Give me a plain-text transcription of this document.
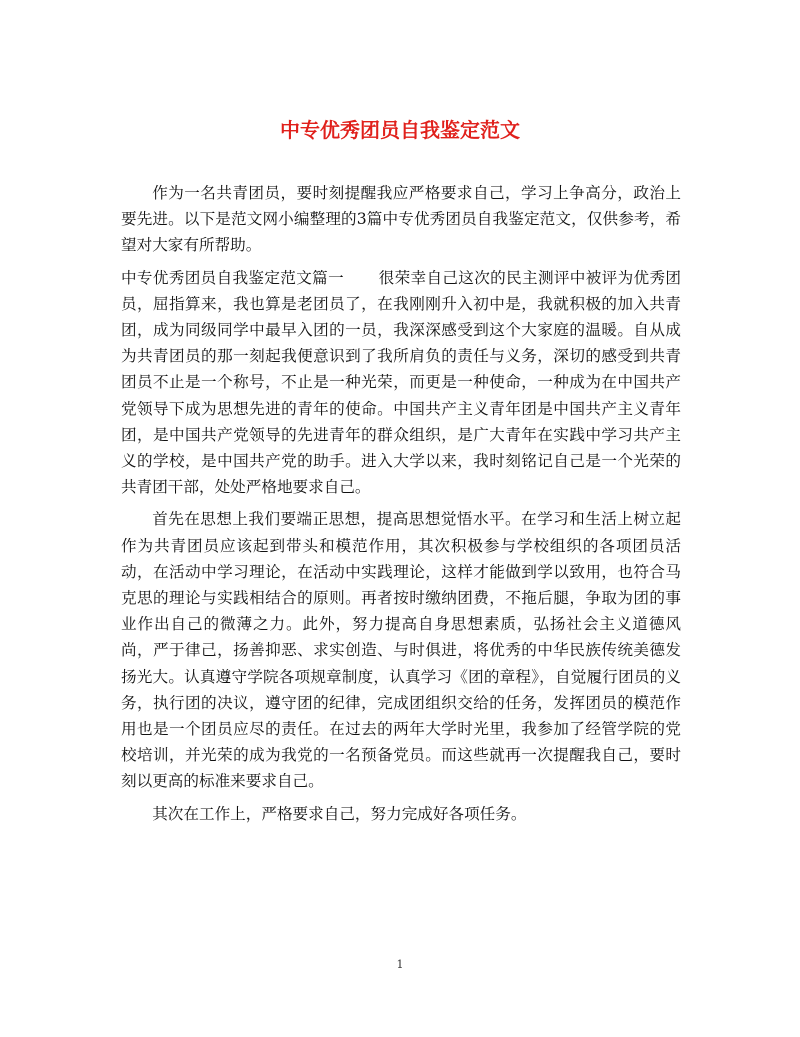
中专优秀团员自我鉴定范文

作为一名共青团员，要时刻提醒我应严格要求自己，学习上争高分，政治上要先进。以下是范文网小编整理的3篇中专优秀团员自我鉴定范文，仅供参考，希望对大家有所帮助。

中专优秀团员自我鉴定范文篇一 很荣幸自己这次的民主测评中被评为优秀团员，屈指算来，我也算是老团员了，在我刚刚升入初中是，我就积极的加入共青团，成为同级同学中最早入团的一员，我深深感受到这个大家庭的温暖。自从成为共青团员的那一刻起我便意识到了我所肩负的责任与义务，深切的感受到共青团员不止是一个称号，不止是一种光荣，而更是一种使命，一种成为在中国共产党领导下成为思想先进的青年的使命。中国共产主义青年团是中国共产主义青年团，是中国共产党领导的先进青年的群众组织，是广大青年在实践中学习共产主义的学校，是中国共产党的助手。进入大学以来，我时刻铭记自己是一个光荣的共青团干部，处处严格地要求自己。

首先在思想上我们要端正思想，提高思想觉悟水平。在学习和生活上树立起作为共青团员应该起到带头和模范作用，其次积极参与学校组织的各项团员活动，在活动中学习理论，在活动中实践理论，这样才能做到学以致用，也符合马克思的理论与实践相结合的原则。再者按时缴纳团费，不拖后腿，争取为团的事业作出自己的微薄之力。此外，努力提高自身思想素质，弘扬社会主义道德风尚，严于律己，扬善抑恶、求实创造、与时俱进，将优秀的中华民族传统美德发扬光大。认真遵守学院各项规章制度，认真学习《团的章程》，自觉履行团员的义务，执行团的决议，遵守团的纪律，完成团组织交给的任务，发挥团员的模范作用也是一个团员应尽的责任。在过去的两年大学时光里，我参加了经管学院的党校培训，并光荣的成为我党的一名预备党员。而这些就再一次提醒我自己，要时刻以更高的标准来要求自己。

其次在工作上，严格要求自己，努力完成好各项任务。

1
